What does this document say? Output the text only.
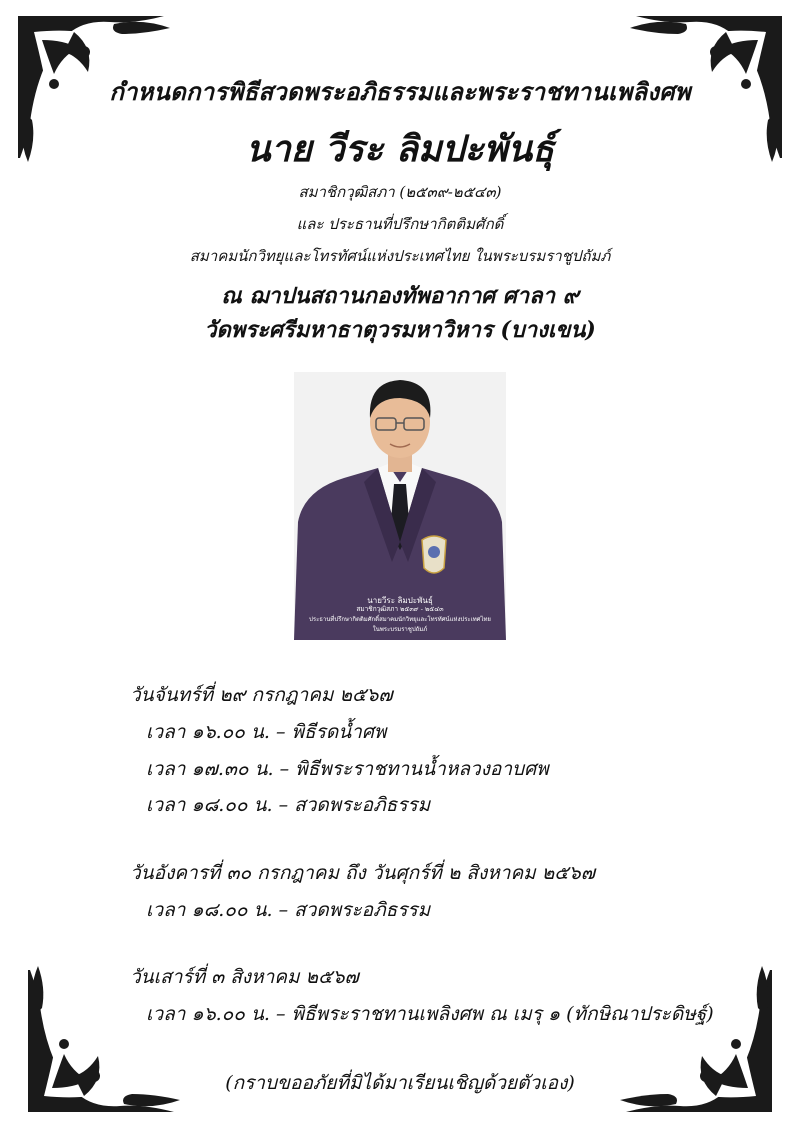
กำหนดการพิธีสวดพระอภิธรรมและพระราชทานเพลิงศพ
นาย วีระ ลิมปะพันธุ์
สมาชิกวุฒิสภา (๒๕๓๙-๒๕๔๓)
และ ประธานที่ปรึกษากิตติมศักดิ์
สมาคมนักวิทยุและโทรทัศน์แห่งประเทศไทย ในพระบรมราชูปถัมภ์
ณ ฌาปนสถานกองทัพอากาศ ศาลา ๙
วัดพระศรีมหาธาตุวรมหาวิหาร (บางเขน)
นายวีระ ลิมปะพันธุ์
สมาชิกวุฒิสภา ๒๕๓๙ - ๒๕๔๓
ประธานที่ปรึกษากิตติมศักดิ์สมาคมนักวิทยุและโทรทัศน์แห่งประเทศไทย
ในพระบรมราชูปถัมภ์
วันจันทร์ที่ ๒๙ กรกฎาคม ๒๕๖๗
เวลา ๑๖.๐๐ น. – พิธีรดน้ำศพ
เวลา ๑๗.๓๐ น. – พิธีพระราชทานน้ำหลวงอาบศพ
เวลา ๑๘.๐๐ น. – สวดพระอภิธรรม
วันอังคารที่ ๓๐ กรกฎาคม ถึง วันศุกร์ที่ ๒ สิงหาคม ๒๕๖๗
เวลา ๑๘.๐๐ น. – สวดพระอภิธรรม
วันเสาร์ที่ ๓ สิงหาคม ๒๕๖๗
เวลา ๑๖.๐๐ น. – พิธีพระราชทานเพลิงศพ ณ เมรุ ๑ (ทักษิณาประดิษฐ์)
(กราบขออภัยที่มิได้มาเรียนเชิญด้วยตัวเอง)
